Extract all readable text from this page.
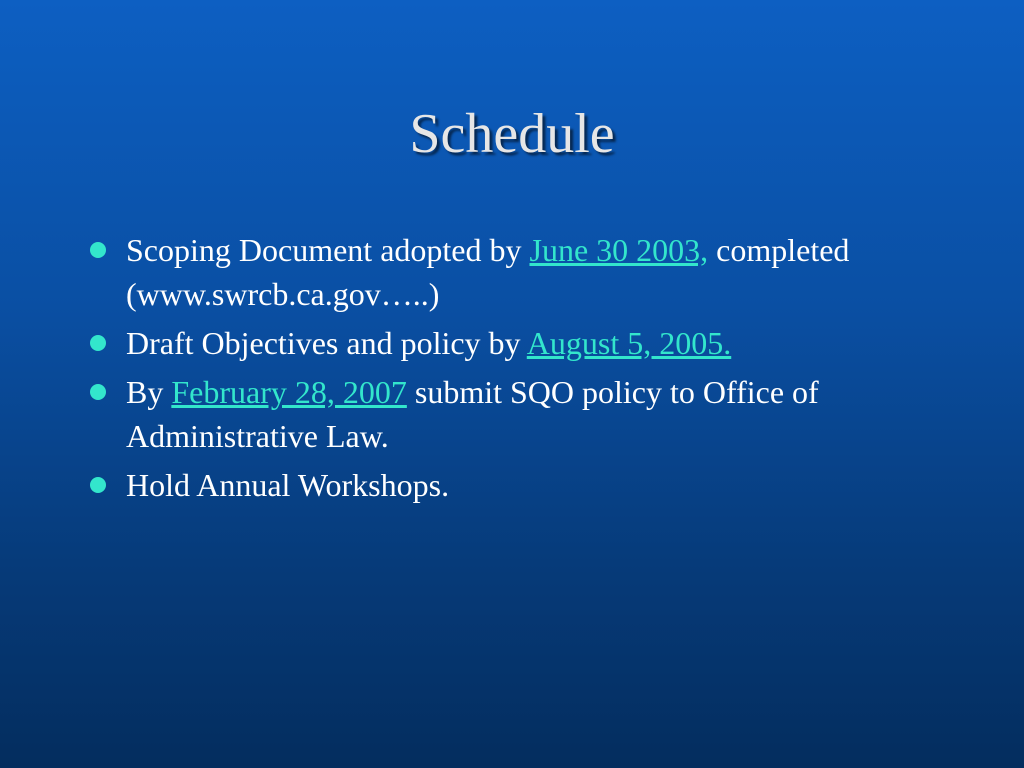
Schedule
Scoping Document adopted by June 30 2003, completed (www.swrcb.ca.gov…..)
Draft Objectives and policy by August 5, 2005.
By February 28, 2007 submit SQO policy to Office of Administrative Law.
Hold Annual Workshops.
